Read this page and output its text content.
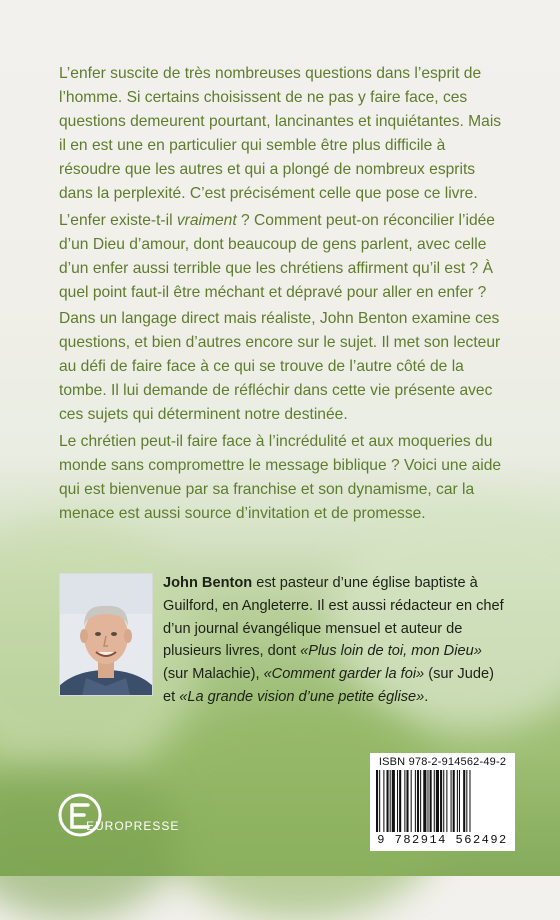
L’enfer suscite de très nombreuses questions dans l’esprit de l’homme. Si certains choisissent de ne pas y faire face, ces questions demeurent pourtant, lancinantes et inquiétantes. Mais il en est une en particulier qui semble être plus difficile à résoudre que les autres et qui a plongé de nombreux esprits dans la perplexité. C’est précisément celle que pose ce livre.

L’enfer existe-t-il vraiment ? Comment peut-on réconcilier l’idée d’un Dieu d’amour, dont beaucoup de gens parlent, avec celle d’un enfer aussi terrible que les chrétiens affirment qu’il est ? À quel point faut-il être méchant et dépravé pour aller en enfer ?

Dans un langage direct mais réaliste, John Benton examine ces questions, et bien d’autres encore sur le sujet. Il met son lecteur au défi de faire face à ce qui se trouve de l’autre côté de la tombe. Il lui demande de réfléchir dans cette vie présente avec ces sujets qui déterminent notre destinée.

Le chrétien peut-il faire face à l’incrédulité et aux moqueries du monde sans compromettre le message biblique ? Voici une aide qui est bienvenue par sa franchise et son dynamisme, car la menace est aussi source d’invitation et de promesse.

John Benton est pasteur d’une église baptiste à Guilford, en Angleterre. Il est aussi rédacteur en chef d’un journal évangélique mensuel et auteur de plusieurs livres, dont «Plus loin de toi, mon Dieu» (sur Malachie), «Comment garder la foi» (sur Jude) et «La grande vision d’une petite église».
EUROPRESSE
ISBN 978-2-914562-49-2
9 782914 562492
